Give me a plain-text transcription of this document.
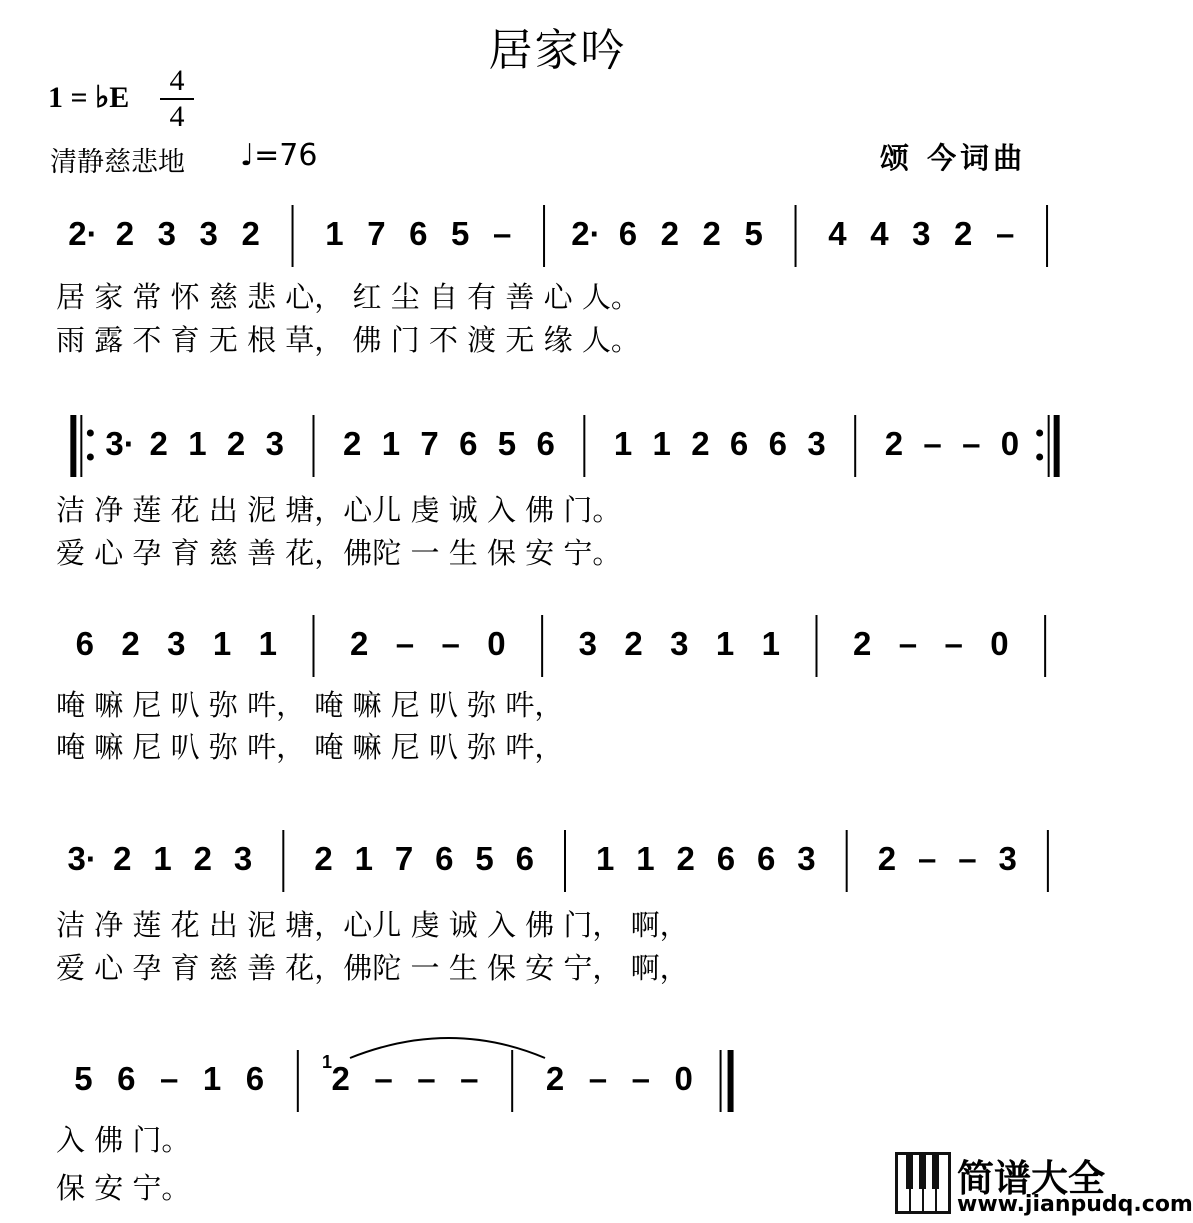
居家吟
1 = ♭E
4
4
清静慈悲地 ♩=76	颂 今词曲
2· 2 3 3 2 1 7 6 5 – 2· 6 2 2 5 4 4 3 2 –
居 家 常 怀 慈 悲 心， 红 尘 自 有 善 心 人。
雨 露 不 育 无 根 草， 佛 门 不 渡 无 缘 人。
3· 2 1 2 3 2 1 7 6 5 6 1 1 2 6 6 3 2 – – 0
洁 净 莲 花 出 泥 塘，心儿 虔 诚 入 佛 门。
爱 心 孕 育 慈 善 花，佛陀 一 生 保 安 宁。
6 2 3 1 1 2 – – 0 3 2 3 1 1 2 – – 0
唵 嘛 尼 叭 弥 吽， 唵 嘛 尼 叭 弥 吽，
唵 嘛 尼 叭 弥 吽， 唵 嘛 尼 叭 弥 吽，
3· 2 1 2 3 2 1 7 6 5 6 1 1 2 6 6 3 2 – – 3
洁 净 莲 花 出 泥 塘，心儿 虔 诚 入 佛 门， 啊，
爱 心 孕 育 慈 善 花，佛陀 一 生 保 安 宁， 啊，
5 6 – 1 6 2 – – – 2 – – 0
入 佛 门。
保 安 宁。
1
简谱大全
www.jianpudq.com
